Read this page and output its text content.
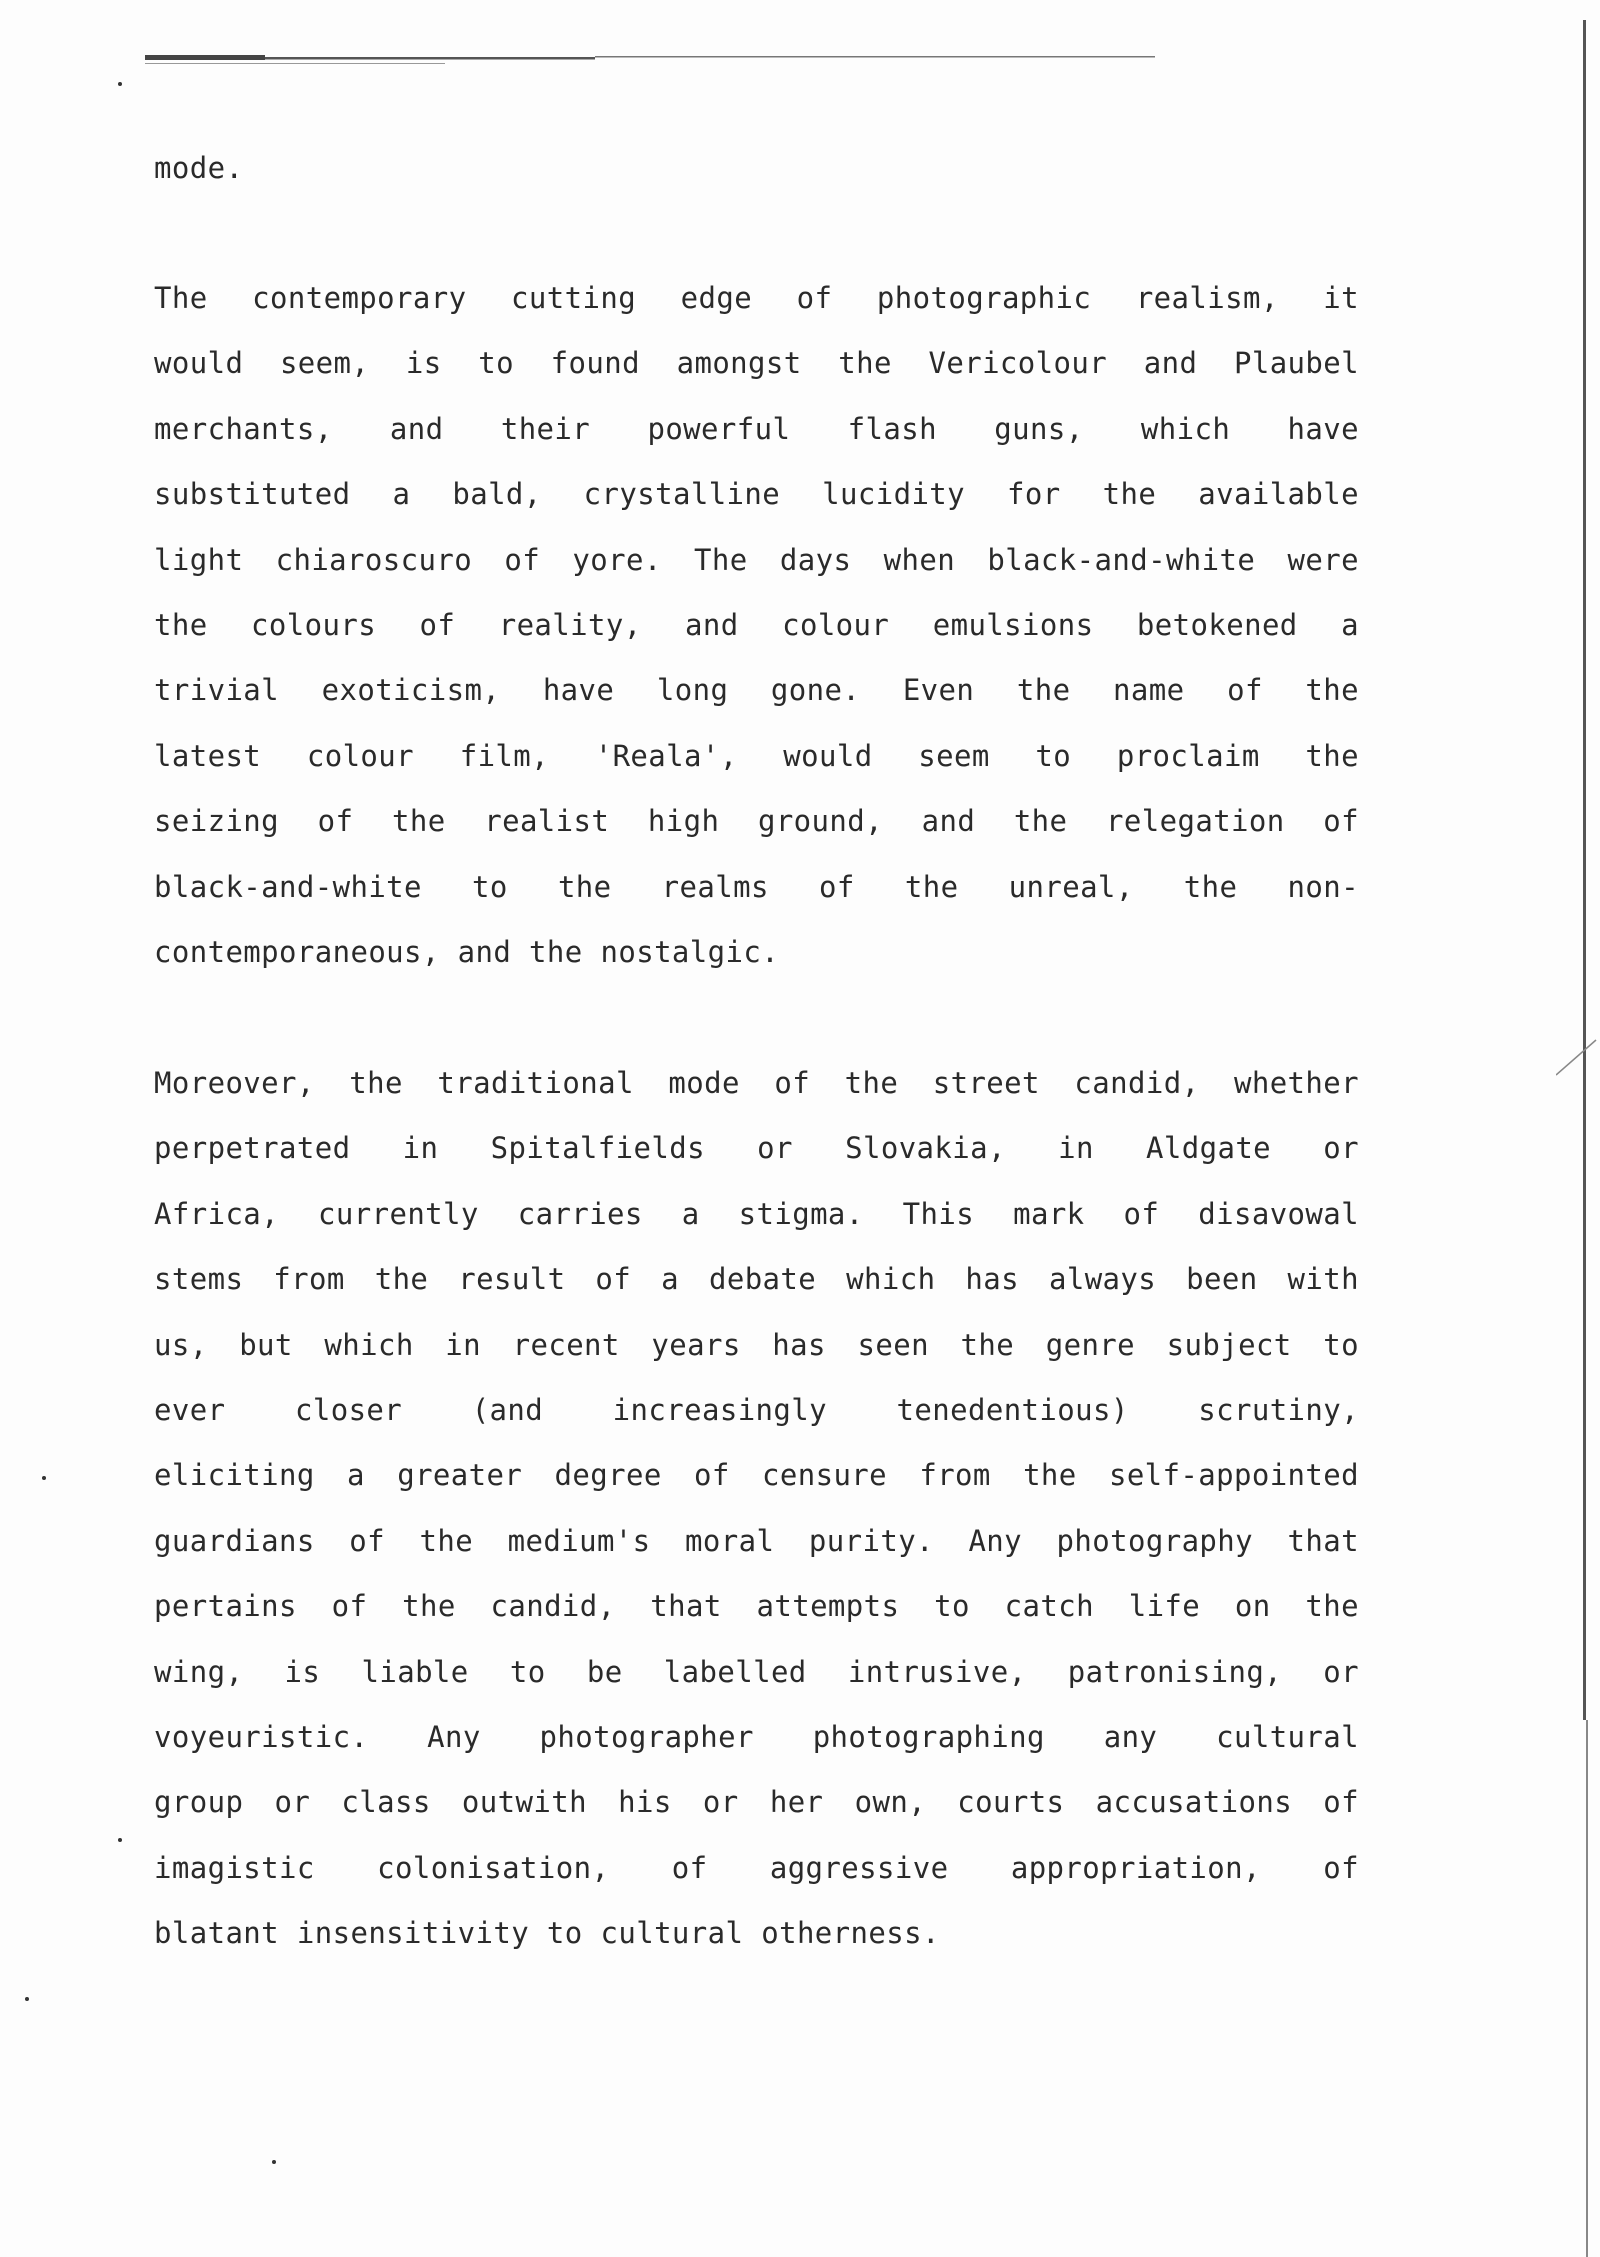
mode.
The contemporary cutting edge of photographic realism, it
would seem, is to found amongst the Vericolour and Plaubel
merchants, and their powerful flash guns, which have
substituted a bald, crystalline lucidity for the available
light chiaroscuro of yore. The days when black-and-white were
the colours of reality, and colour emulsions betokened a
trivial exoticism, have long gone. Even the name of the
latest colour film, 'Reala', would seem to proclaim the
seizing of the realist high ground, and the relegation of
black-and-white to the realms of the unreal, the non-
contemporaneous, and the nostalgic.
Moreover, the traditional mode of the street candid, whether
perpetrated in Spitalfields or Slovakia, in Aldgate or
Africa, currently carries a stigma. This mark of disavowal
stems from the result of a debate which has always been with
us, but which in recent years has seen the genre subject to
ever closer (and increasingly tenedentious) scrutiny,
eliciting a greater degree of censure from the self-appointed
guardians of the medium's moral purity. Any photography that
pertains of the candid, that attempts to catch life on the
wing, is liable to be labelled intrusive, patronising, or
voyeuristic. Any photographer photographing any cultural
group or class outwith his or her own, courts accusations of
imagistic colonisation, of aggressive appropriation, of
blatant insensitivity to cultural otherness.
